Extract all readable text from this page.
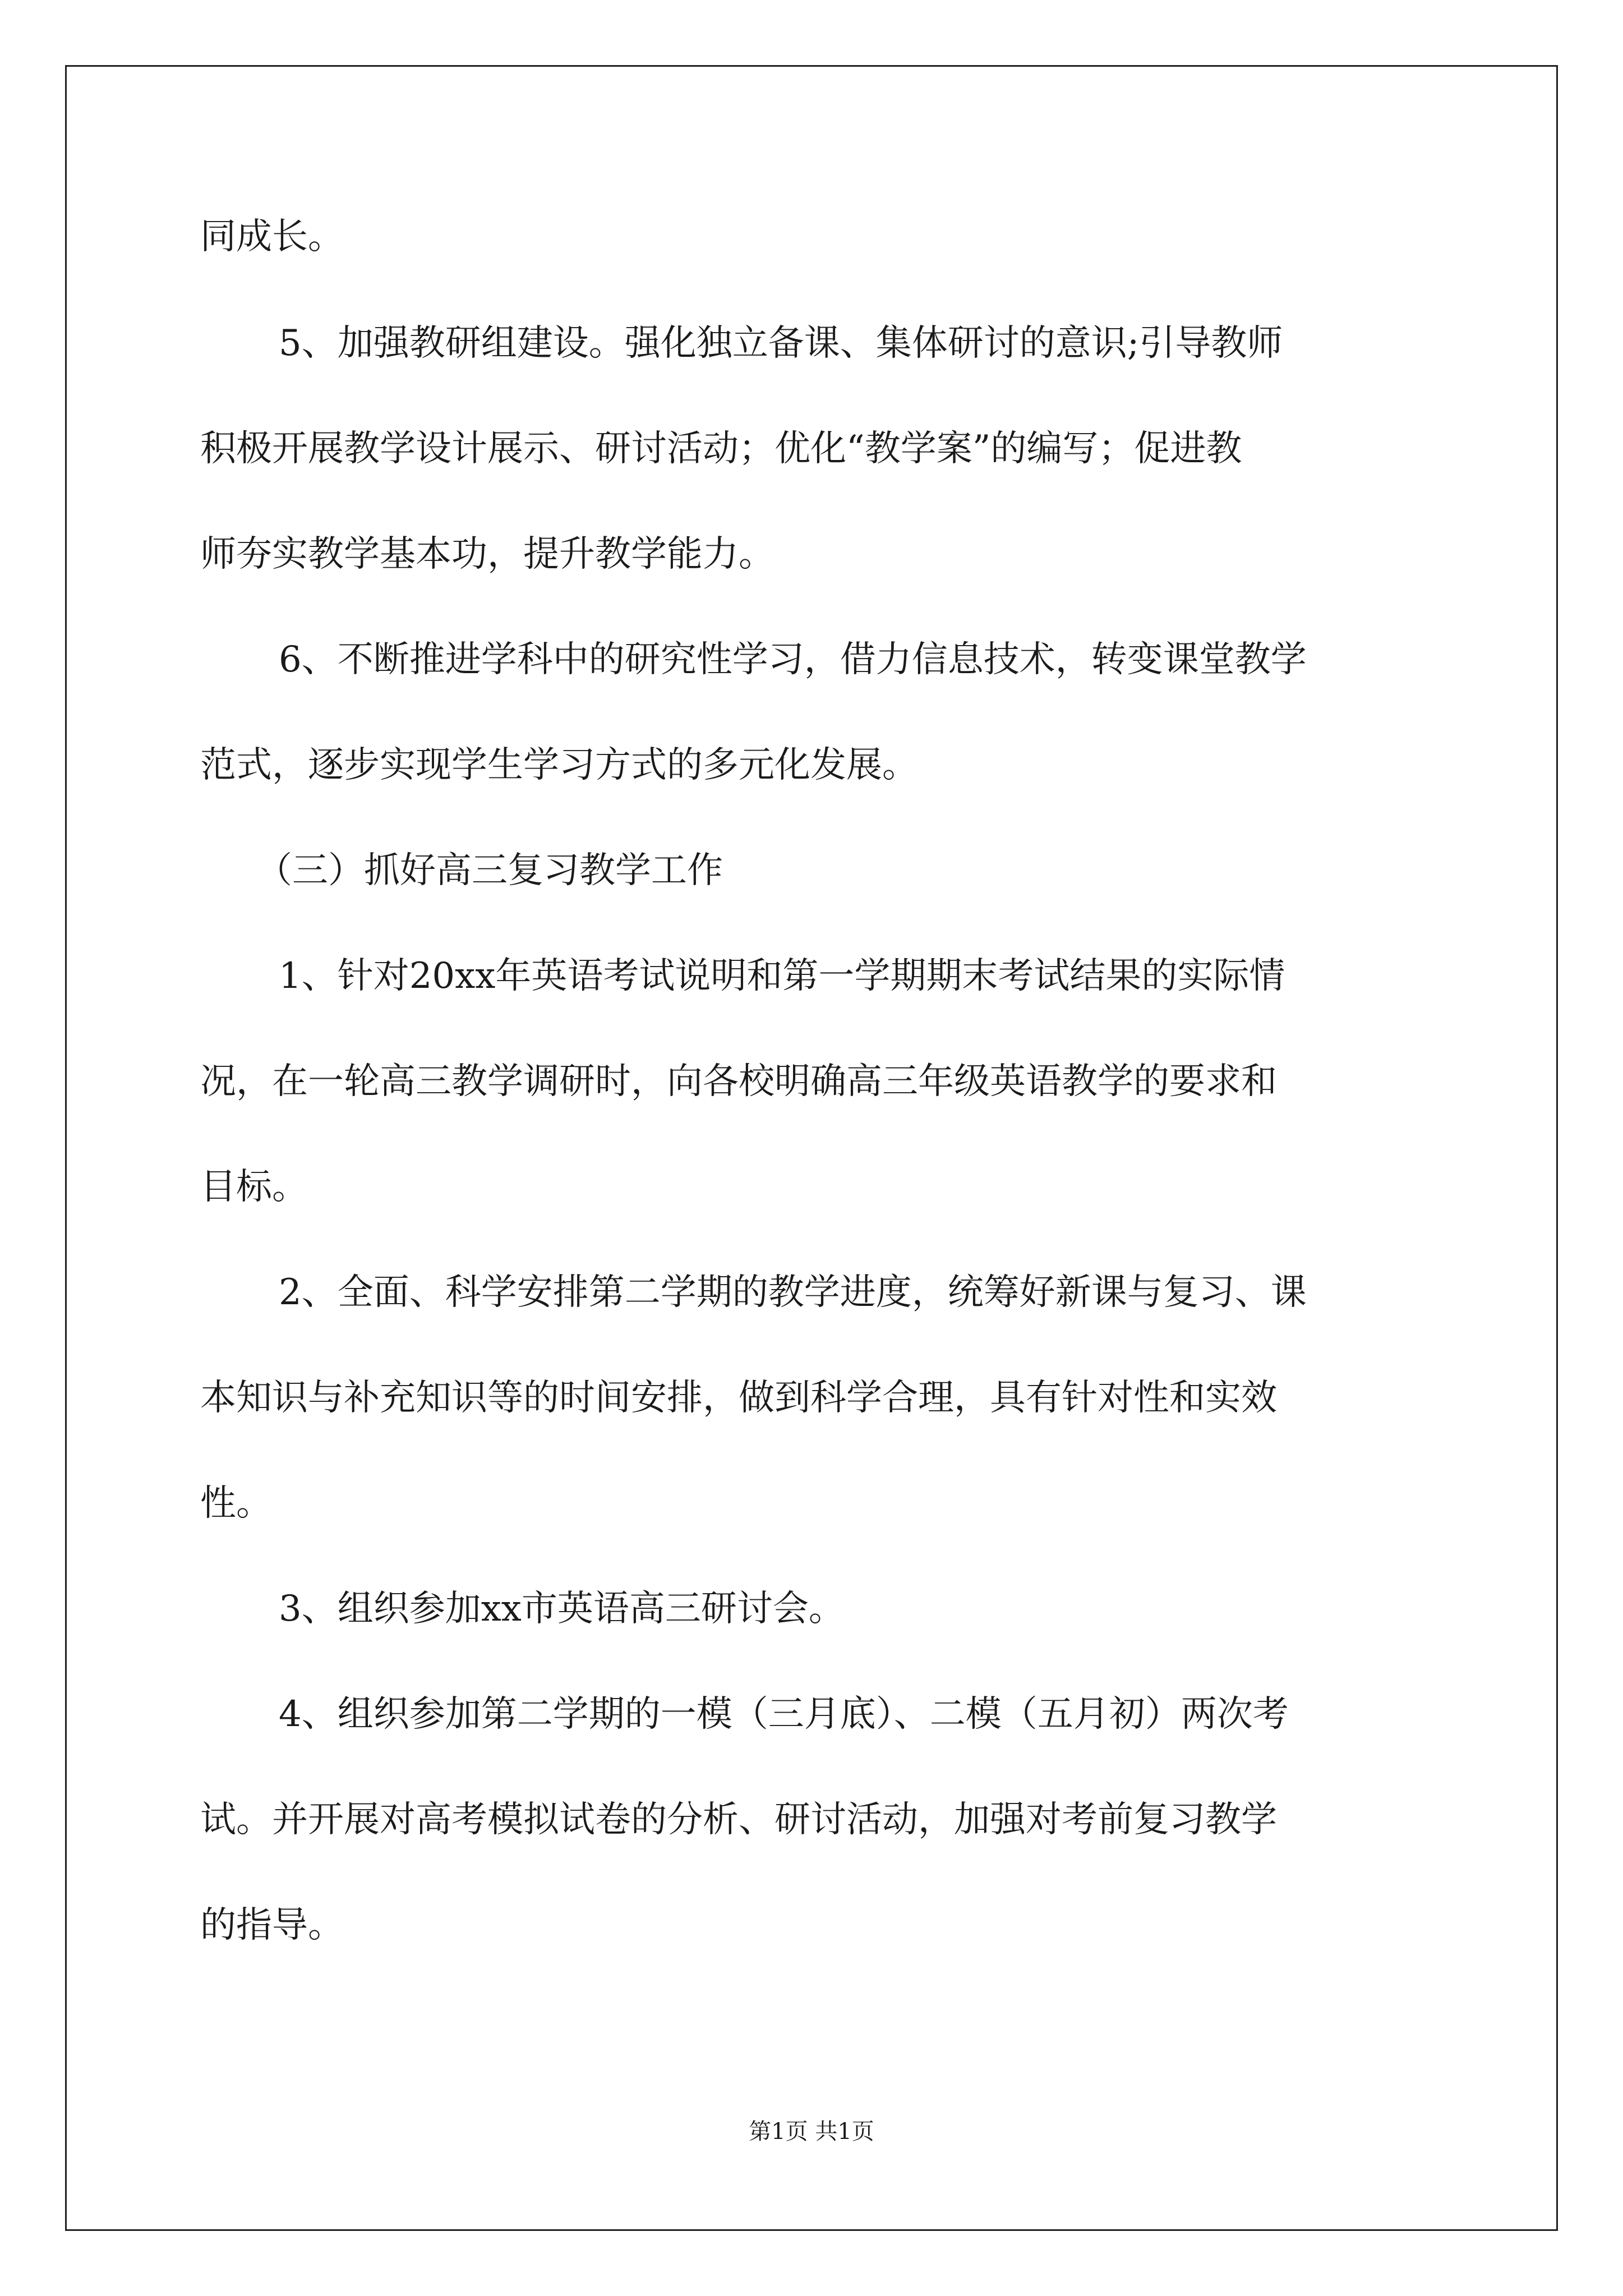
同成长。
5、加强教研组建设。强化独立备课、集体研讨的意识;引导教师
积极开展教学设计展示、研讨活动；优化“教学案”的编写；促进教
师夯实教学基本功，提升教学能力。
6、不断推进学科中的研究性学习，借力信息技术，转变课堂教学
范式，逐步实现学生学习方式的多元化发展。
（三）抓好高三复习教学工作
1、针对20xx年英语考试说明和第一学期期末考试结果的实际情
况，在一轮高三教学调研时，向各校明确高三年级英语教学的要求和
目标。
2、全面、科学安排第二学期的教学进度，统筹好新课与复习、课
本知识与补充知识等的时间安排，做到科学合理，具有针对性和实效
性。
3、组织参加xx市英语高三研讨会。
4、组织参加第二学期的一模（三月底）、二模（五月初）两次考
试。并开展对高考模拟试卷的分析、研讨活动，加强对考前复习教学
的指导。
第1页 共1页
